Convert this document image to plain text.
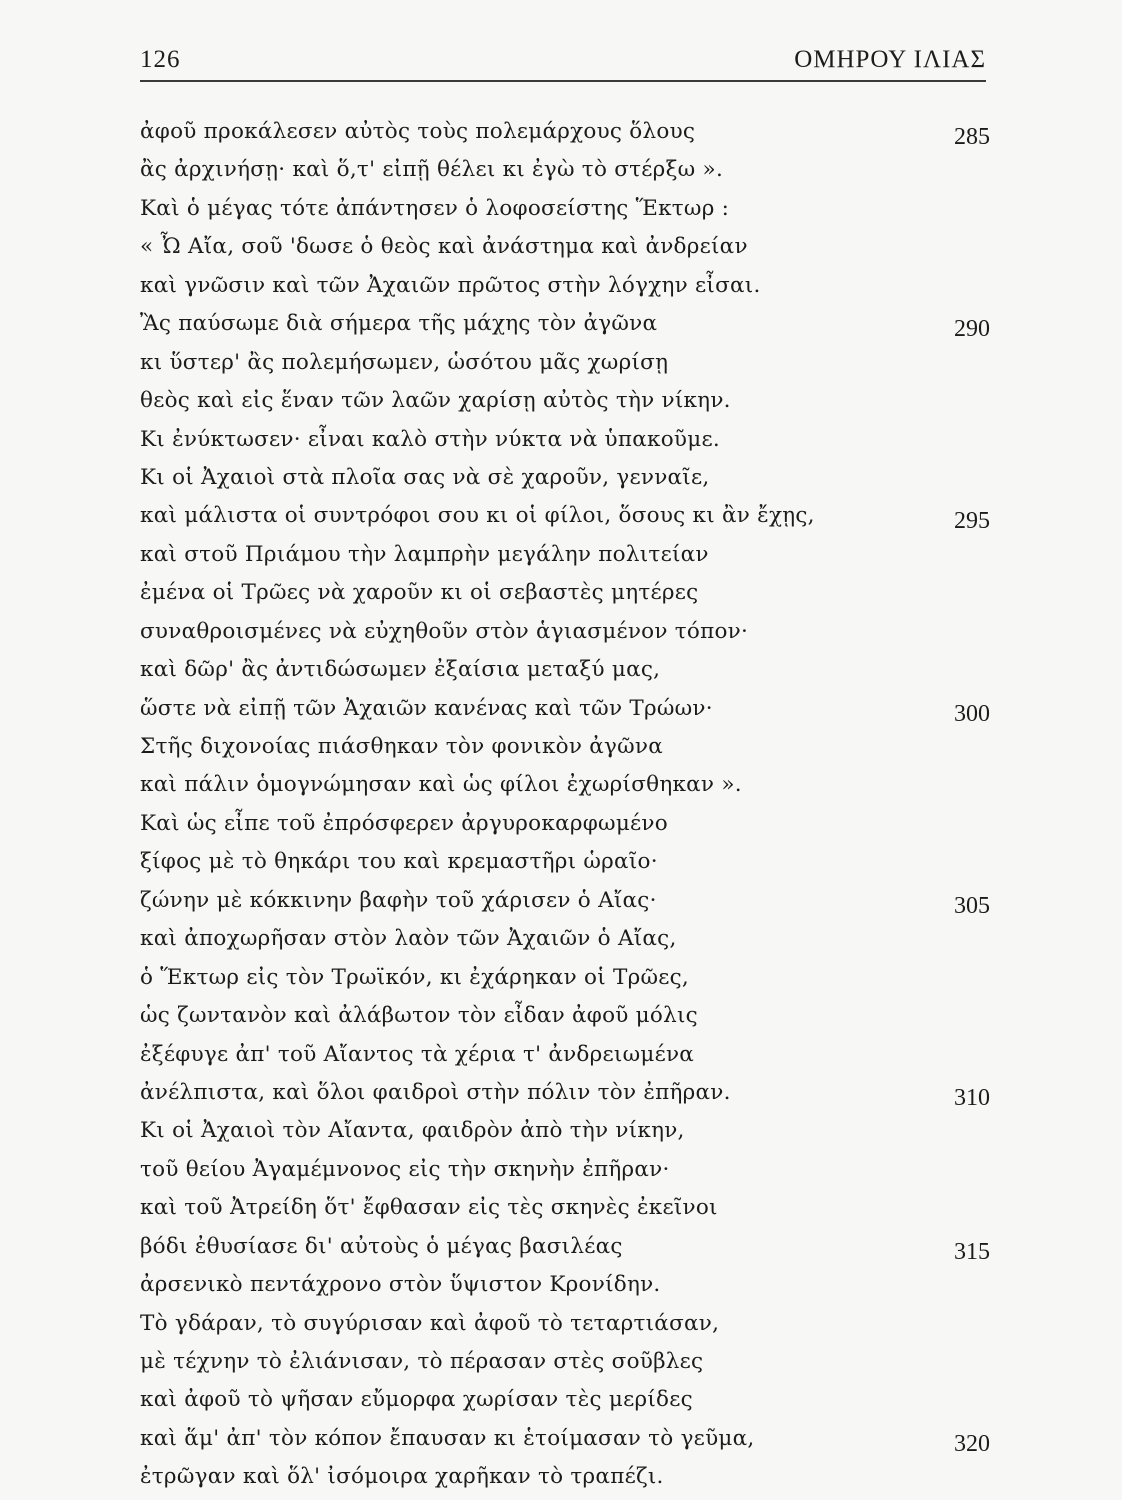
126	ΟΜΗΡΟΥ ΙΛΙΑΣ
ἀφοῦ προκάλεσεν αὐτὸς τοὺς πολεμάρχους ὅλους	285
ἂς ἀρχινήσῃ· καὶ ὅ,τ' εἰπῇ θέλει κι ἐγὼ τὸ στέρξω ».
Καὶ ὁ μέγας τότε ἀπάντησεν ὁ λοφοσείστης Ἕκτωρ :
« Ὦ Αἴα, σοῦ 'δωσε ὁ θεὸς καὶ ἀνάστημα καὶ ἀνδρείαν
καὶ γνῶσιν καὶ τῶν Ἀχαιῶν πρῶτος στὴν λόγχην εἶσαι.
Ἂς παύσωμε διὰ σήμερα τῆς μάχης τὸν ἀγῶνα	290
κι ὕστερ' ἂς πολεμήσωμεν, ὡσότου μᾶς χωρίσῃ
θεὸς καὶ εἰς ἕναν τῶν λαῶν χαρίσῃ αὐτὸς τὴν νίκην.
Κι ἐνύκτωσεν· εἶναι καλὸ στὴν νύκτα νὰ ὑπακοῦμε.
Κι οἱ Ἀχαιοὶ στὰ πλοῖα σας νὰ σὲ χαροῦν, γενναῖε,
καὶ μάλιστα οἱ συντρόφοι σου κι οἱ φίλοι, ὅσους κι ἂν ἔχῃς,	295
καὶ στοῦ Πριάμου τὴν λαμπρὴν μεγάλην πολιτείαν
ἐμένα οἱ Τρῶες νὰ χαροῦν κι οἱ σεβαστὲς μητέρες
συναθροισμένες νὰ εὐχηθοῦν στὸν ἁγιασμένον τόπον·
καὶ δῶρ' ἂς ἀντιδώσωμεν ἐξαίσια μεταξύ μας,
ὥστε νὰ εἰπῇ τῶν Ἀχαιῶν κανένας καὶ τῶν Τρώων·	300
Στῆς διχονοίας πιάσθηκαν τὸν φονικὸν ἀγῶνα
καὶ πάλιν ὁμογνώμησαν καὶ ὡς φίλοι ἐχωρίσθηκαν ».
Καὶ ὡς εἶπε τοῦ ἐπρόσφερεν ἀργυροκαρφωμένο
ξίφος μὲ τὸ θηκάρι του καὶ κρεμαστῆρι ὡραῖο·
ζώνην μὲ κόκκινην βαφὴν τοῦ χάρισεν ὁ Αἴας·	305
καὶ ἀποχωρῆσαν στὸν λαὸν τῶν Ἀχαιῶν ὁ Αἴας,
ὁ Ἕκτωρ εἰς τὸν Τρωϊκόν, κι ἐχάρηκαν οἱ Τρῶες,
ὡς ζωντανὸν καὶ ἀλάβωτον τὸν εἶδαν ἀφοῦ μόλις
ἐξέφυγε ἀπ' τοῦ Αἴαντος τὰ χέρια τ' ἀνδρειωμένα
ἀνέλπιστα, καὶ ὅλοι φαιδροὶ στὴν πόλιν τὸν ἐπῆραν.	310
Κι οἱ Ἀχαιοὶ τὸν Αἴαντα, φαιδρὸν ἀπὸ τὴν νίκην,
τοῦ θείου Ἀγαμέμνονος εἰς τὴν σκηνὴν ἐπῆραν·
καὶ τοῦ Ἀτρείδη ὅτ' ἔφθασαν εἰς τὲς σκηνὲς ἐκεῖνοι
βόδι ἐθυσίασε δι' αὐτοὺς ὁ μέγας βασιλέας	315
ἀρσενικὸ πεντάχρονο στὸν ὕψιστον Κρονίδην.
Τὸ γδάραν, τὸ συγύρισαν καὶ ἀφοῦ τὸ τεταρτιάσαν,
μὲ τέχνην τὸ ἐλιάνισαν, τὸ πέρασαν στὲς σοῦβλες
καὶ ἀφοῦ τὸ ψῆσαν εὔμορφα χωρίσαν τὲς μερίδες
καὶ ἅμ' ἀπ' τὸν κόπον ἔπαυσαν κι ἑτοίμασαν τὸ γεῦμα,	320
ἐτρῶγαν καὶ ὅλ' ἰσόμοιρα χαρῆκαν τὸ τραπέζι.
